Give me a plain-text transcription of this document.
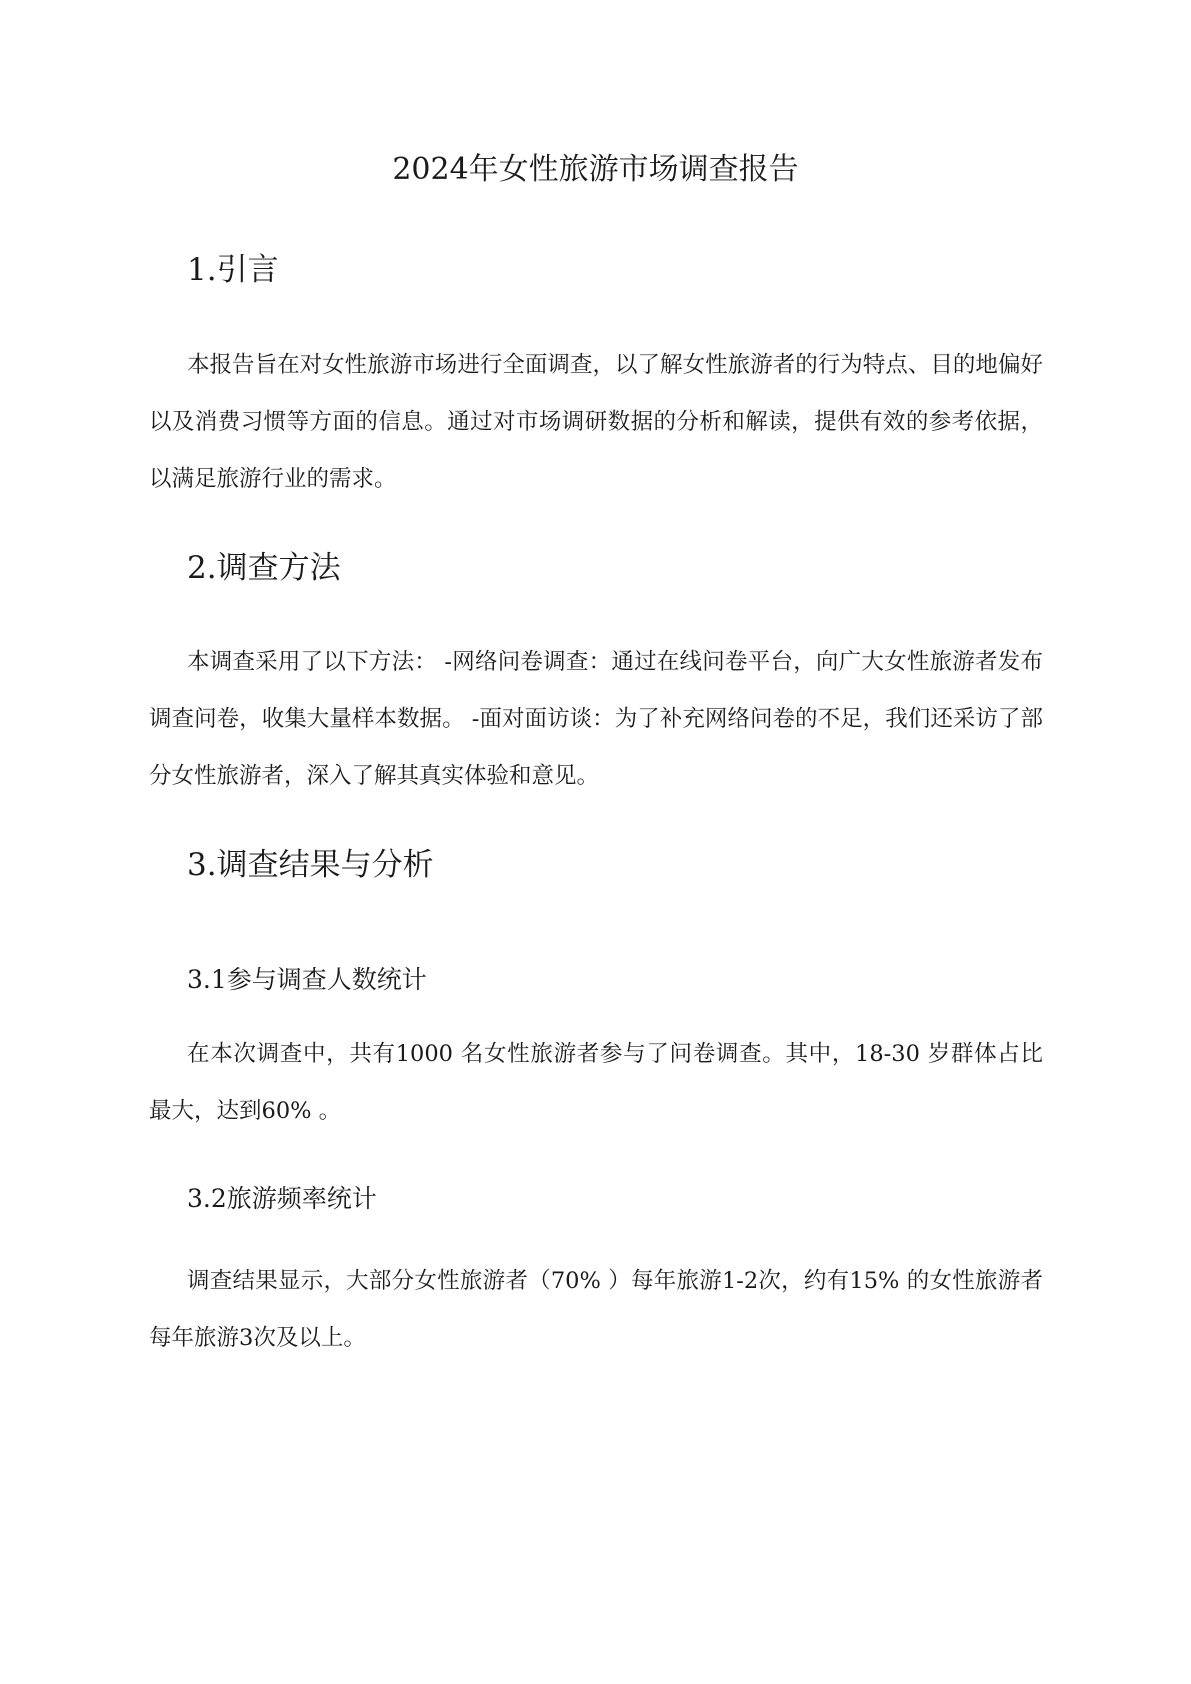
2024年女性旅游市场调查报告
1.引言

本报告旨在对女性旅游市场进行全面调查，以了解女性旅游者的行为特点、目的地偏好以及消费习惯等方面的信息。通过对市场调研数据的分析和解读，提供有效的参考依据，以满足旅游行业的需求。

2.调查方法

本调查采用了以下方法： -网络问卷调查：通过在线问卷平台，向广大女性旅游者发布调查问卷，收集大量样本数据。 -面对面访谈：为了补充网络问卷的不足，我们还采访了部分女性旅游者，深入了解其真实体验和意见。

3.调查结果与分析
3.1参与调查人数统计

在本次调查中，共有1000 名女性旅游者参与了问卷调查。其中，18-30 岁群体占比最大，达到60% 。

3.2旅游频率统计

调查结果显示，大部分女性旅游者（70% ）每年旅游1-2次，约有15% 的女性旅游者每年旅游3次及以上。
